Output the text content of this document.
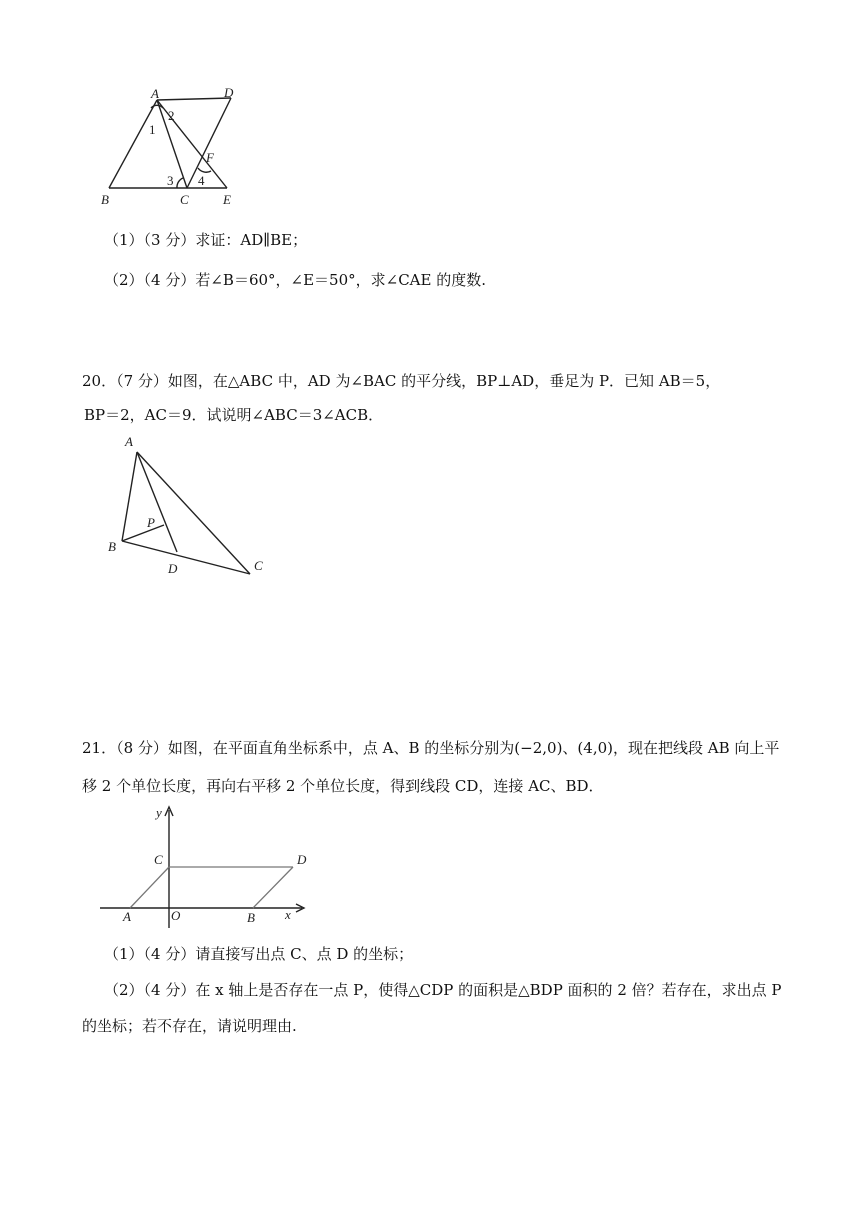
A	D
B	C	E
F
1
2
3 4
（1）（3 分）求证：AD∥BE；
（2）（4 分）若∠B＝60°，∠E＝50°，求∠CAE 的度数.
20．（7 分）如图，在△ABC 中，AD 为∠BAC 的平分线，BP⊥AD，垂足为 P．已知 AB＝5，
BP＝2，AC＝9．试说明∠ABC＝3∠ACB．
A
B
C
D
P
21．（8 分）如图，在平面直角坐标系中，点 A、B 的坐标分别为(−2,0)、(4,0)，现在把线段 AB 向上平
移 2 个单位长度，再向右平移 2 个单位长度，得到线段 CD，连接 AC、BD．
y
x
C	D
A	O	B
（1）（4 分）请直接写出点 C、点 D 的坐标；
（2）（4 分）在 x 轴上是否存在一点 P，使得△CDP 的面积是△BDP 面积的 2 倍？若存在，求出点 P
的坐标；若不存在，请说明理由.
